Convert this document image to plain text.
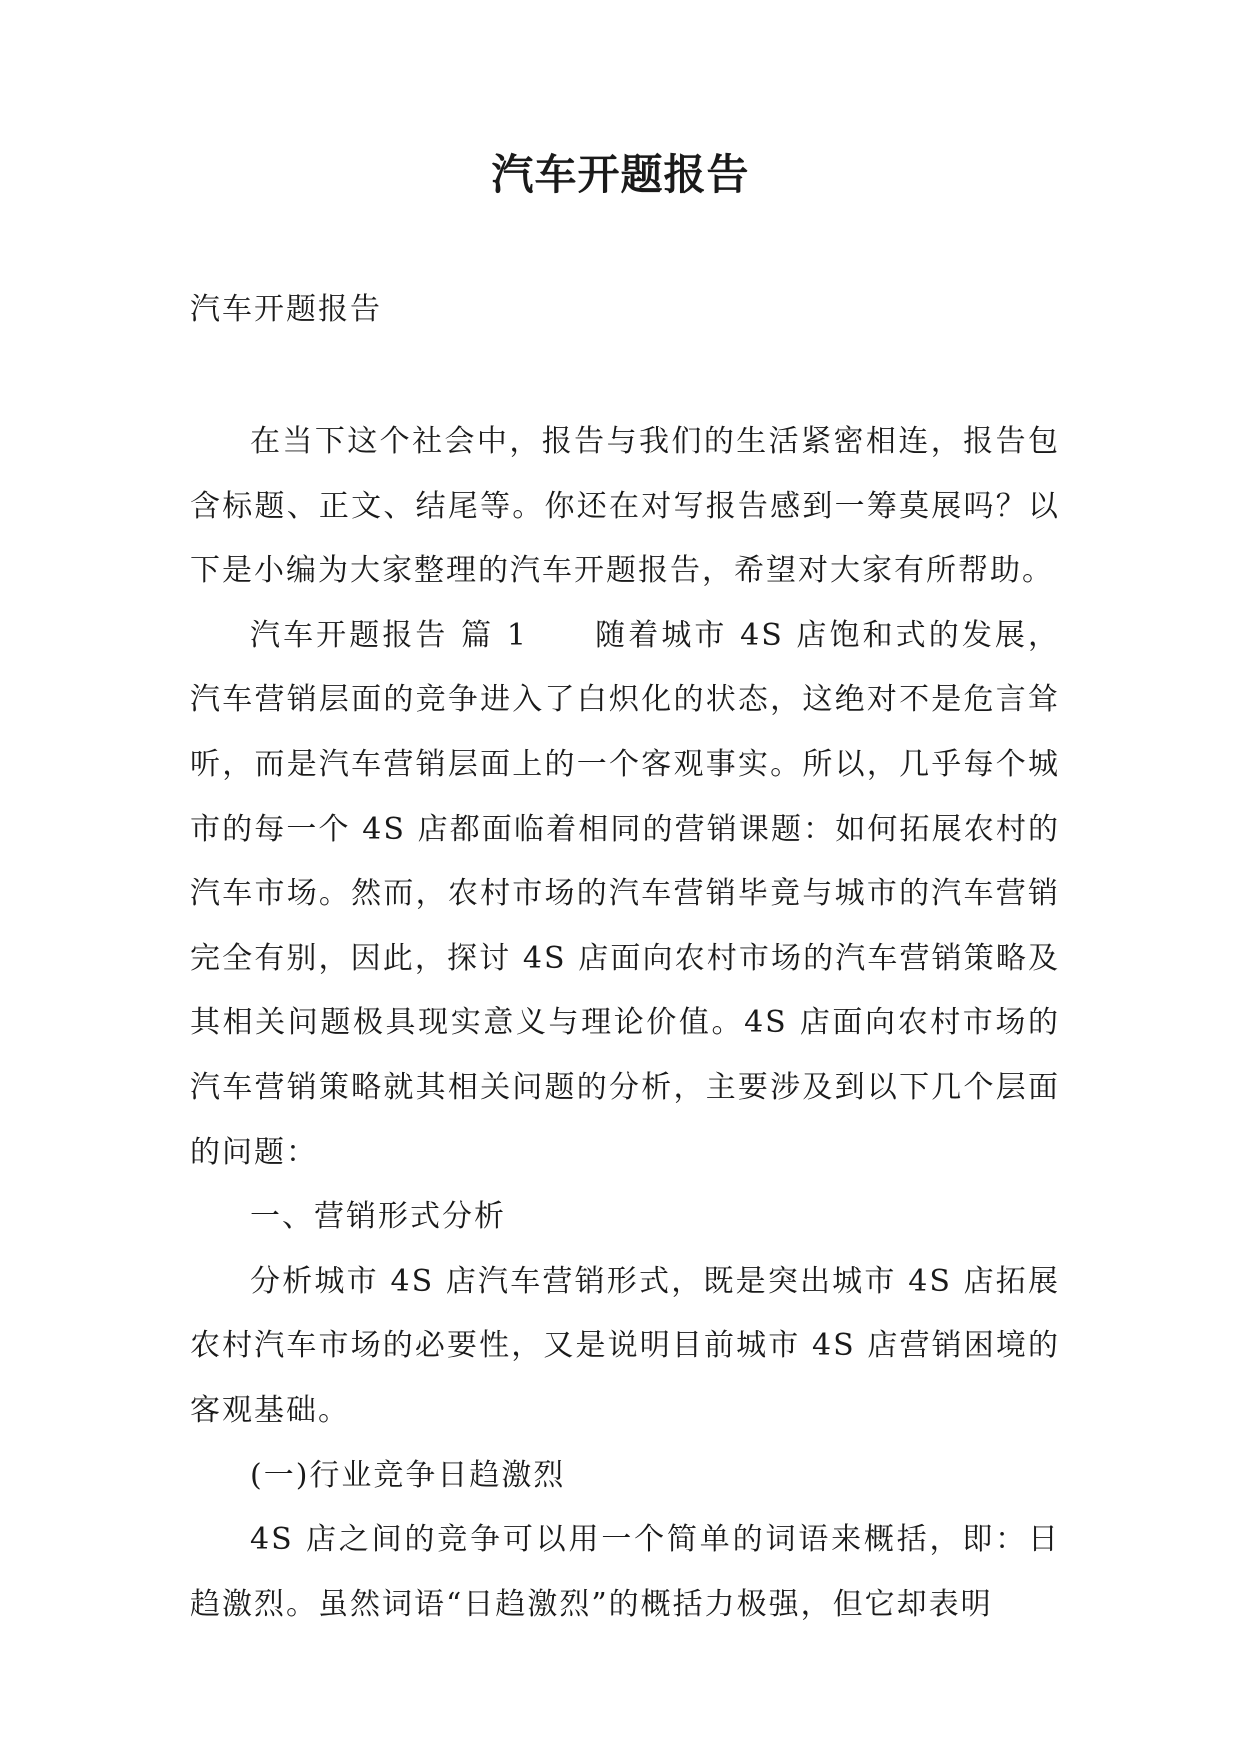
汽车开题报告
汽车开题报告

在当下这个社会中，报告与我们的生活紧密相连，报告包含标题、正文、结尾等。你还在对写报告感到一筹莫展吗？以下是小编为大家整理的汽车开题报告，希望对大家有所帮助。

汽车开题报告 篇 1　　随着城市 4S 店饱和式的发展，汽车营销层面的竞争进入了白炽化的状态，这绝对不是危言耸听，而是汽车营销层面上的一个客观事实。所以，几乎每个城市的每一个 4S 店都面临着相同的营销课题：如何拓展农村的汽车市场。然而，农村市场的汽车营销毕竟与城市的汽车营销完全有别，因此，探讨 4S 店面向农村市场的汽车营销策略及其相关问题极具现实意义与理论价值。4S 店面向农村市场的汽车营销策略就其相关问题的分析，主要涉及到以下几个层面的问题：

一、营销形式分析

分析城市 4S 店汽车营销形式，既是突出城市 4S 店拓展农村汽车市场的必要性，又是说明目前城市 4S 店营销困境的客观基础。

(一)行业竞争日趋激烈

4S 店之间的竞争可以用一个简单的词语来概括，即：日趋激烈。虽然词语“日趋激烈”的概括力极强，但它却表明
